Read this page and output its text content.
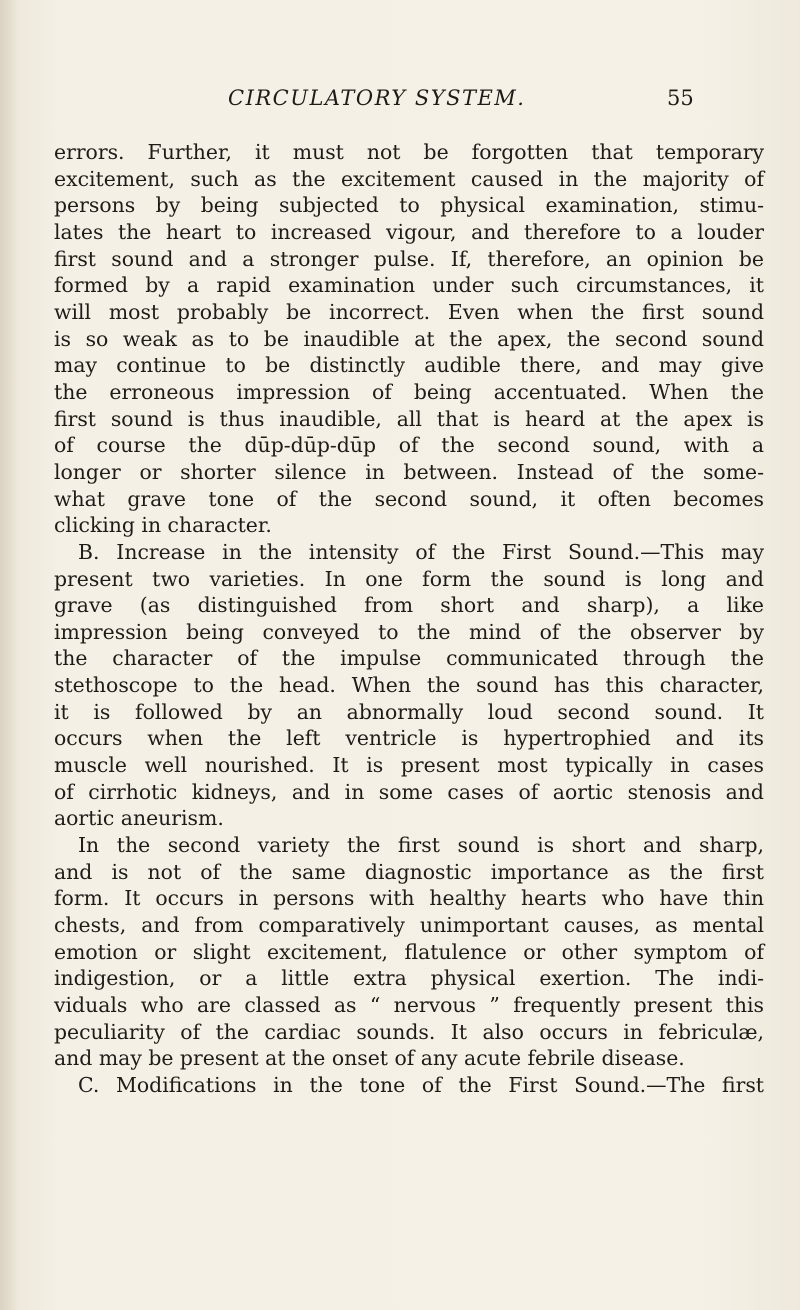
CIRCULATORY SYSTEM.	55
errors. Further, it must not be forgotten that temporary
excitement, such as the excitement caused in the majority of
persons by being subjected to physical examination, stimu-
lates the heart to increased vigour, and therefore to a louder
first sound and a stronger pulse. If, therefore, an opinion be
formed by a rapid examination under such circumstances, it
will most probably be incorrect. Even when the first sound
is so weak as to be inaudible at the apex, the second sound
may continue to be distinctly audible there, and may give
the erroneous impression of being accentuated. When the
first sound is thus inaudible, all that is heard at the apex is
of course the dūp-dūp-dūp of the second sound, with a
longer or shorter silence in between. Instead of the some-
what grave tone of the second sound, it often becomes
clicking in character.
B. Increase in the intensity of the First Sound.—This may
present two varieties. In one form the sound is long and
grave (as distinguished from short and sharp), a like
impression being conveyed to the mind of the observer by
the character of the impulse communicated through the
stethoscope to the head. When the sound has this character,
it is followed by an abnormally loud second sound. It
occurs when the left ventricle is hypertrophied and its
muscle well nourished. It is present most typically in cases
of cirrhotic kidneys, and in some cases of aortic stenosis and
aortic aneurism.
In the second variety the first sound is short and sharp,
and is not of the same diagnostic importance as the first
form. It occurs in persons with healthy hearts who have thin
chests, and from comparatively unimportant causes, as mental
emotion or slight excitement, flatulence or other symptom of
indigestion, or a little extra physical exertion. The indi-
viduals who are classed as “ nervous ” frequently present this
peculiarity of the cardiac sounds. It also occurs in febriculæ,
and may be present at the onset of any acute febrile disease.
C. Modifications in the tone of the First Sound.—The first
